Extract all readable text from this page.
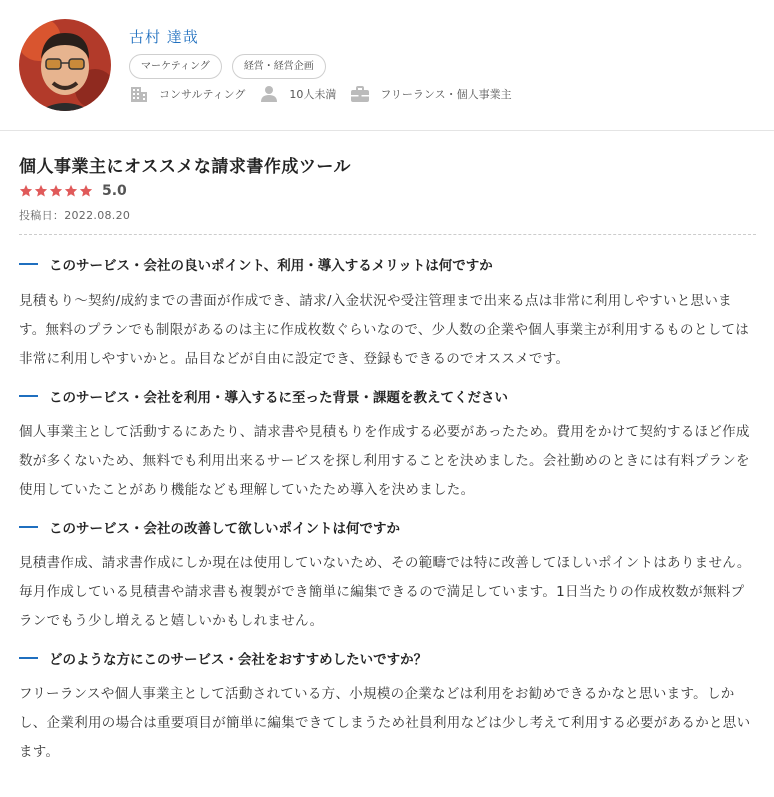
古村 達哉
マーケティング	経営・経営企画
コンサルティング	10人未満	フリーランス・個人事業主
個人事業主にオススメな請求書作成ツール
5.0
投稿日：2022.08.20
このサービス・会社の良いポイント、利用・導入するメリットは何ですか

見積もり～契約/成約までの書面が作成でき、請求/入金状況や受注管理まで出来る点は非常に利用しやすいと思います。無料のプランでも制限があるのは主に作成枚数ぐらいなので、少人数の企業や個人事業主が利用するものとしては非常に利用しやすいかと。品目などが自由に設定でき、登録もできるのでオススメです。

このサービス・会社を利用・導入するに至った背景・課題を教えてください

個人事業主として活動するにあたり、請求書や見積もりを作成する必要があったため。費用をかけて契約するほど作成数が多くないため、無料でも利用出来るサービスを探し利用することを決めました。会社勤めのときには有料プランを使用していたことがあり機能なども理解していたため導入を決めました。

このサービス・会社の改善して欲しいポイントは何ですか

見積書作成、請求書作成にしか現在は使用していないため、その範疇では特に改善してほしいポイントはありません。毎月作成している見積書や請求書も複製ができ簡単に編集できるので満足しています。1日当たりの作成枚数が無料プランでもう少し増えると嬉しいかもしれません。

どのような方にこのサービス・会社をおすすめしたいですか？

フリーランスや個人事業主として活動されている方、小規模の企業などは利用をお勧めできるかなと思います。しかし、企業利用の場合は重要項目が簡単に編集できてしまうため社員利用などは少し考えて利用する必要があるかと思います。
